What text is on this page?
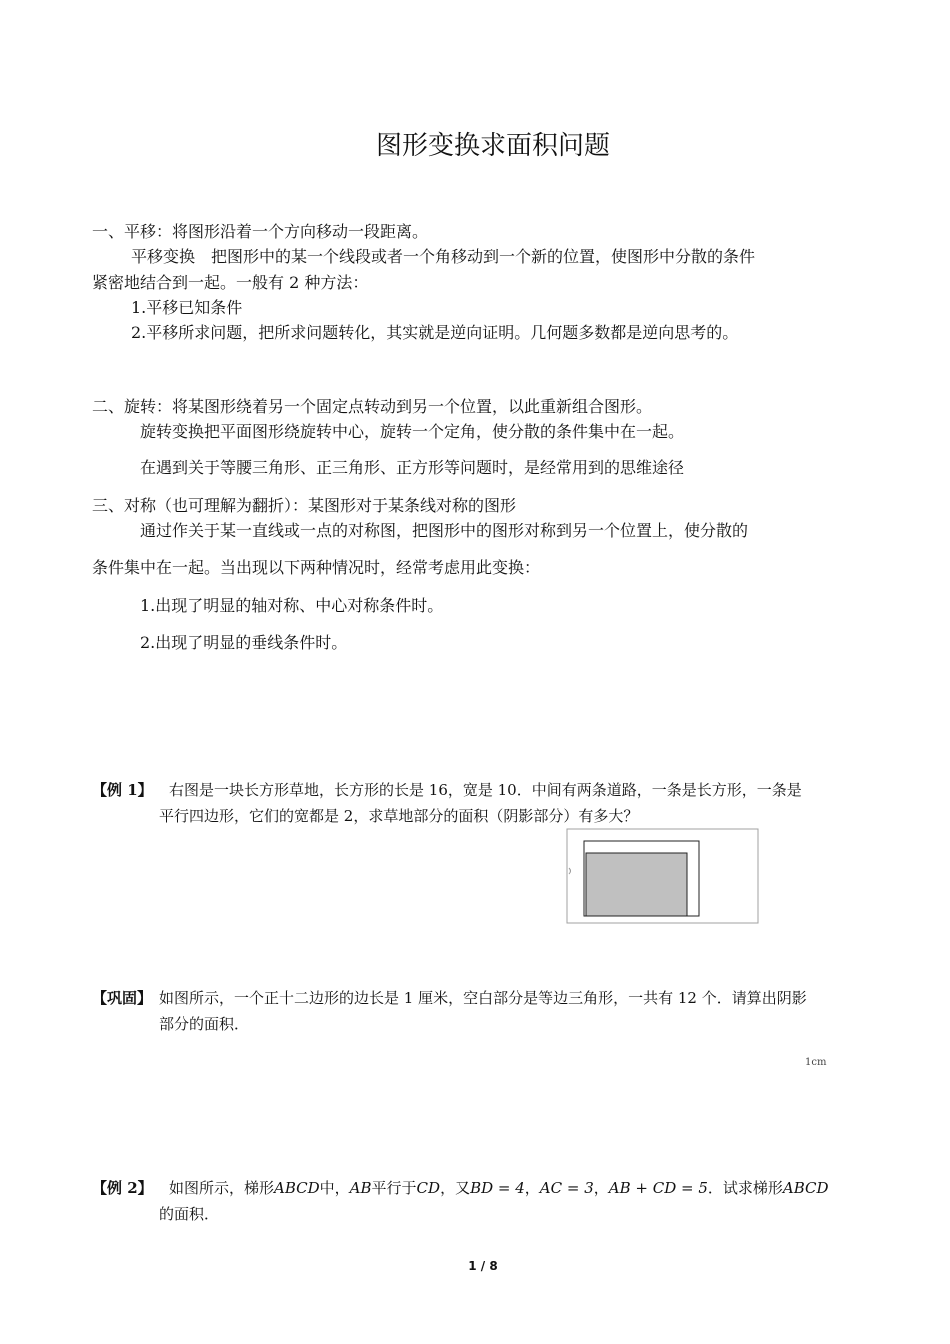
图形变换求面积问题
一、平移：将图形沿着一个方向移动一段距离。
平移变换　把图形中的某一个线段或者一个角移动到一个新的位置，使图形中分散的条件
紧密地结合到一起。一般有 2 种方法：
1.平移已知条件
2.平移所求问题，把所求问题转化，其实就是逆向证明。几何题多数都是逆向思考的。
二、旋转：将某图形绕着另一个固定点转动到另一个位置，以此重新组合图形。
旋转变换把平面图形绕旋转中心，旋转一个定角，使分散的条件集中在一起。
在遇到关于等腰三角形、正三角形、正方形等问题时，是经常用到的思维途径
三、对称（也可理解为翻折）：某图形对于某条线对称的图形
通过作关于某一直线或一点的对称图，把图形中的图形对称到另一个位置上，使分散的
条件集中在一起。当出现以下两种情况时，经常考虑用此变换：
1.出现了明显的轴对称、中心对称条件时。
2.出现了明显的垂线条件时。
【例 1】 右图是一块长方形草地，长方形的长是 16，宽是 10．中间有两条道路，一条是长方形，一条是
平行四边形，它们的宽都是 2，求草地部分的面积（阴影部分）有多大？
【巩固】 如图所示，一个正十二边形的边长是 1 厘米，空白部分是等边三角形，一共有 12 个．请算出阴影
部分的面积．
1cm
【例 2】 如图所示，梯形ABCD中，AB平行于CD，又BD = 4，AC = 3，AB + CD = 5．试求梯形ABCD
的面积．
1 / 8
